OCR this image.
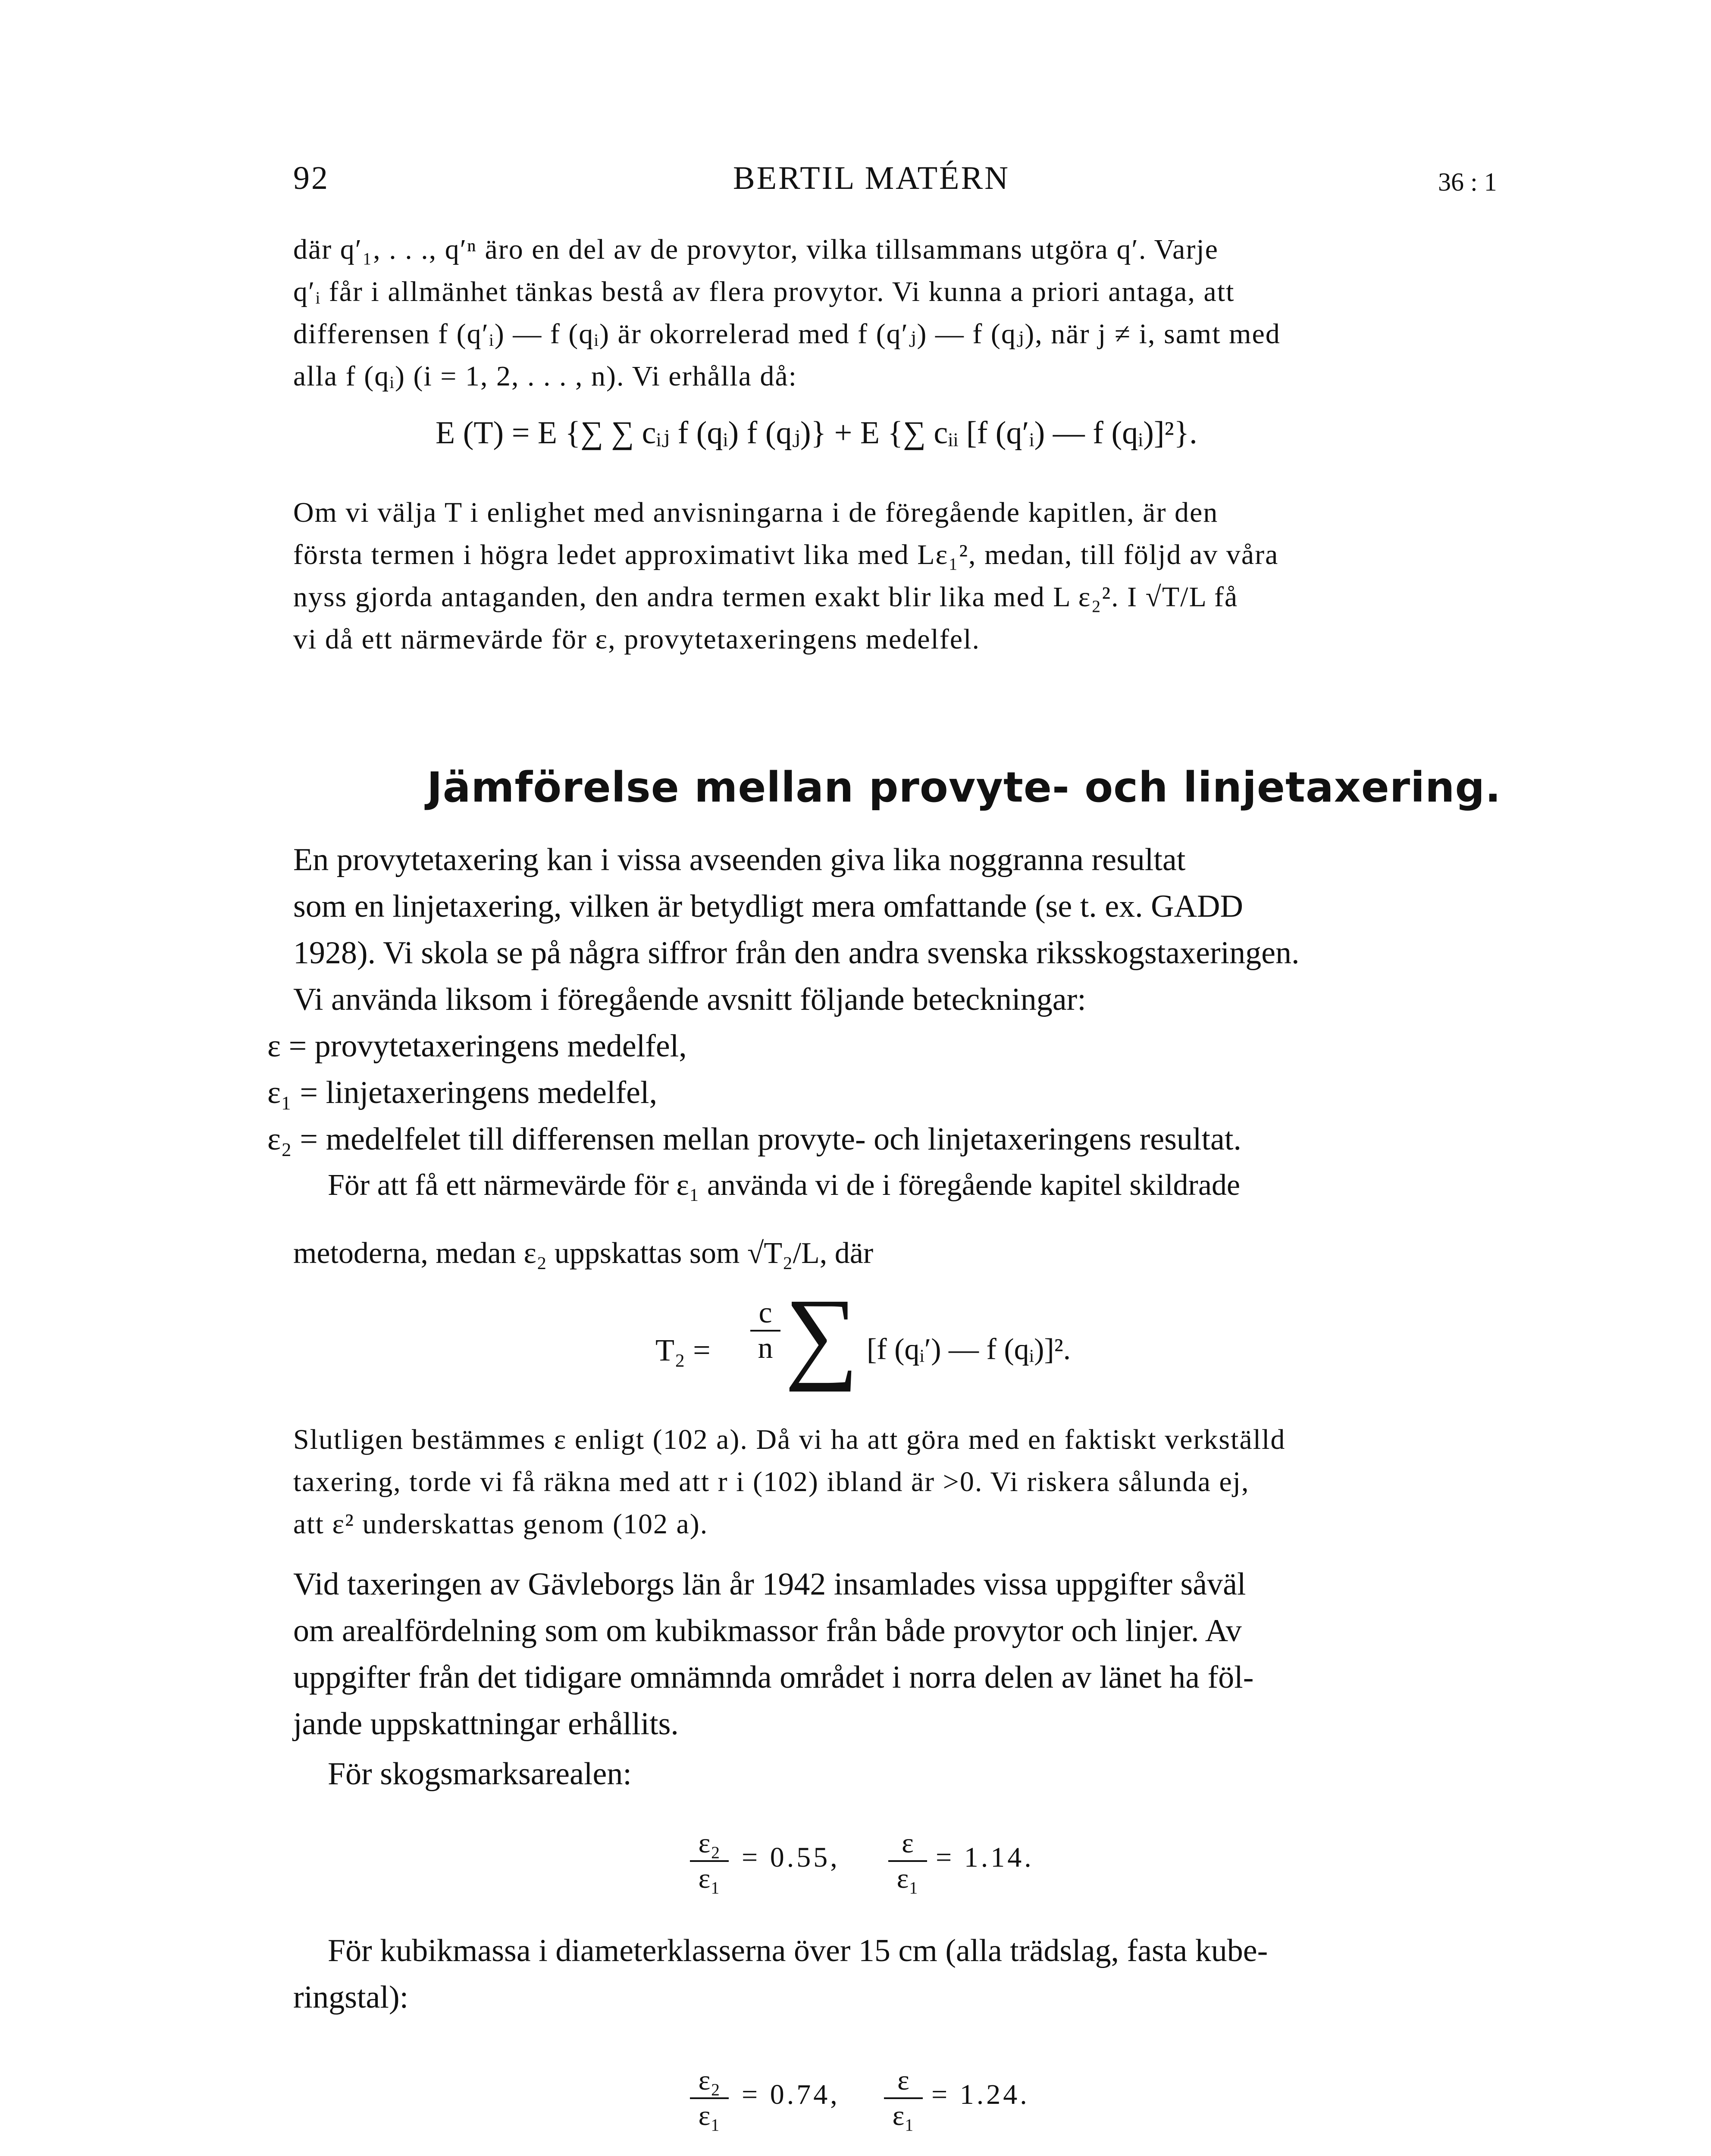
92	BERTIL MATÉRN	36 : 1
där q′₁, . . ., q′ⁿ äro en del av de provytor, vilka tillsammans utgöra q′. Varje
q′ᵢ får i allmänhet tänkas bestå av flera provytor. Vi kunna a priori antaga, att
differensen f (q′ᵢ) — f (qᵢ) är okorrelerad med f (q′ⱼ) — f (qⱼ), när j ≠ i, samt med
alla f (qᵢ) (i = 1, 2, . . . , n). Vi erhålla då:
E (T) = E {∑ ∑ cᵢⱼ f (qᵢ) f (qⱼ)} + E {∑ cᵢᵢ [f (q′ᵢ) — f (qᵢ)]²}.
Om vi välja T i enlighet med anvisningarna i de föregående kapitlen, är den
första termen i högra ledet approximativt lika med Lε₁², medan, till följd av våra
nyss gjorda antaganden, den andra termen exakt blir lika med L ε₂². I √T/L få
vi då ett närmevärde för ε, provytetaxeringens medelfel.
Jämförelse mellan provyte- och linjetaxering.
En provytetaxering kan i vissa avseenden giva lika noggranna resultat
som en linjetaxering, vilken är betydligt mera omfattande (se t. ex. GADD
1928). Vi skola se på några siffror från den andra svenska riksskogstaxeringen.
Vi använda liksom i föregående avsnitt följande beteckningar:
ε = provytetaxeringens medelfel,
ε₁ = linjetaxeringens medelfel,
ε₂ = medelfelet till differensen mellan provyte- och linjetaxeringens resultat.
För att få ett närmevärde för ε₁ använda vi de i föregående kapitel skildrade
metoderna, medan ε₂ uppskattas som √T₂/L, där
T₂ =
c
n ∑ [f (qᵢ′) — f (qᵢ)]².
Slutligen bestämmes ε enligt (102 a). Då vi ha att göra med en faktiskt verkställd
taxering, torde vi få räkna med att r i (102) ibland är >0. Vi riskera sålunda ej,
att ε² underskattas genom (102 a).
Vid taxeringen av Gävleborgs län år 1942 insamlades vissa uppgifter såväl
om arealfördelning som om kubikmassor från både provytor och linjer. Av
uppgifter från det tidigare omnämnda området i norra delen av länet ha föl-
jande uppskattningar erhållits.
För skogsmarksarealen:
ε₂
ε₁
= 0.55,	ε
ε₁
= 1.14.
För kubikmassa i diameterklasserna över 15 cm (alla trädslag, fasta kube-
ringstal):
ε₂
ε₁
= 0.74,	ε
ε₁
= 1.24.
